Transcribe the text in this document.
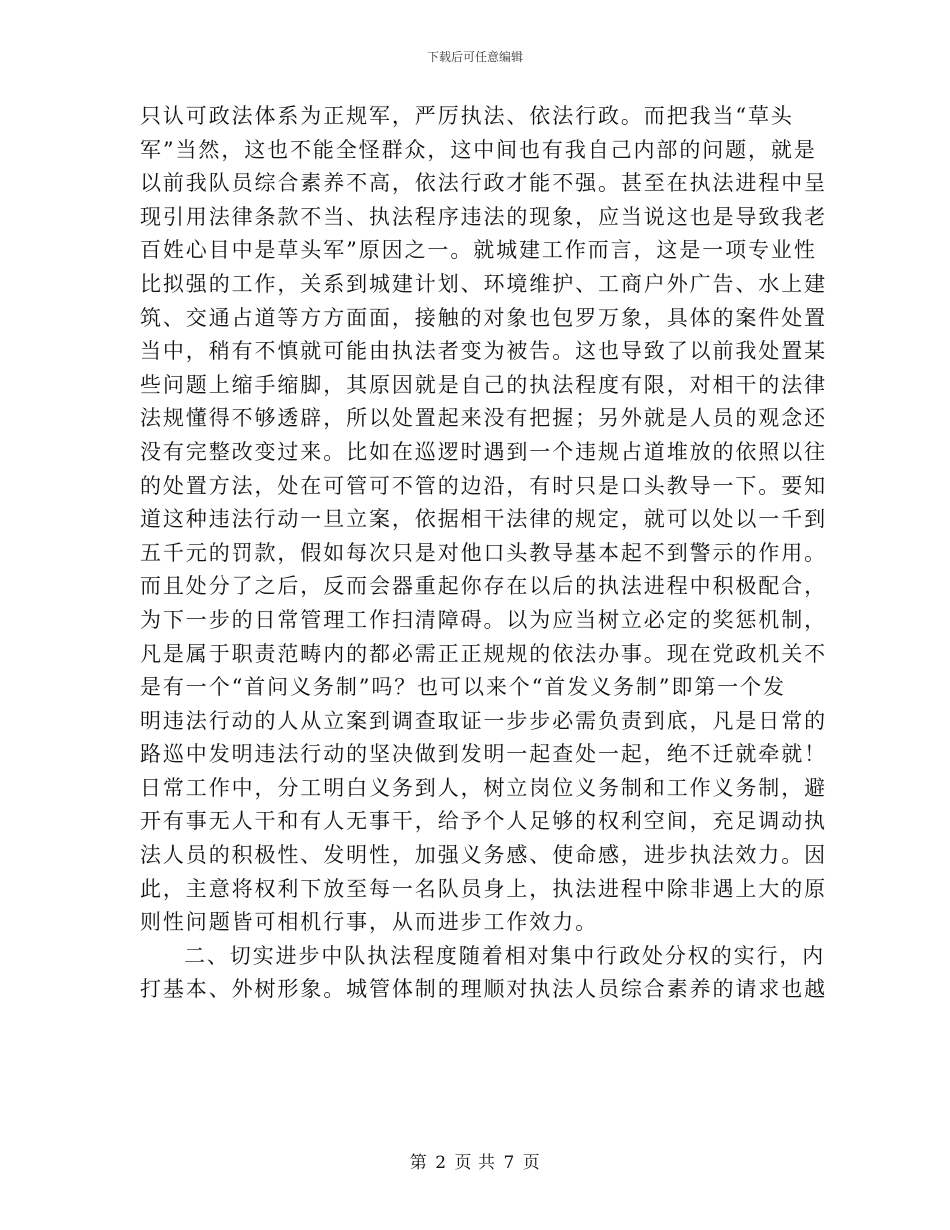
下载后可任意编辑
只认可政法体系为正规军，严厉执法、依法行政。而把我当“草头
军”当然，这也不能全怪群众，这中间也有我自己内部的问题，就是
以前我队员综合素养不高，依法行政才能不强。甚至在执法进程中呈
现引用法律条款不当、执法程序违法的现象，应当说这也是导致我老
百姓心目中是草头军”原因之一。就城建工作而言，这是一项专业性
比拟强的工作，关系到城建计划、环境维护、工商户外广告、水上建
筑、交通占道等方方面面，接触的对象也包罗万象，具体的案件处置
当中，稍有不慎就可能由执法者变为被告。这也导致了以前我处置某
些问题上缩手缩脚，其原因就是自己的执法程度有限，对相干的法律
法规懂得不够透辟，所以处置起来没有把握；另外就是人员的观念还
没有完整改变过来。比如在巡逻时遇到一个违规占道堆放的依照以往
的处置方法，处在可管可不管的边沿，有时只是口头教导一下。要知
道这种违法行动一旦立案，依据相干法律的规定，就可以处以一千到
五千元的罚款，假如每次只是对他口头教导基本起不到警示的作用。
而且处分了之后，反而会器重起你存在以后的执法进程中积极配合，
为下一步的日常管理工作扫清障碍。以为应当树立必定的奖惩机制，
凡是属于职责范畴内的都必需正正规规的依法办事。现在党政机关不
是有一个“首问义务制”吗？也可以来个“首发义务制”即第一个发
明违法行动的人从立案到调查取证一步步必需负责到底，凡是日常的
路巡中发明违法行动的坚决做到发明一起查处一起，绝不迁就牵就！
日常工作中，分工明白义务到人，树立岗位义务制和工作义务制，避
开有事无人干和有人无事干，给予个人足够的权利空间，充足调动执
法人员的积极性、发明性，加强义务感、使命感，进步执法效力。因
此，主意将权利下放至每一名队员身上，执法进程中除非遇上大的原
则性问题皆可相机行事，从而进步工作效力。
二、切实进步中队执法程度随着相对集中行政处分权的实行，内
打基本、外树形象。城管体制的理顺对执法人员综合素养的请求也越
第 2 页 共 7 页
